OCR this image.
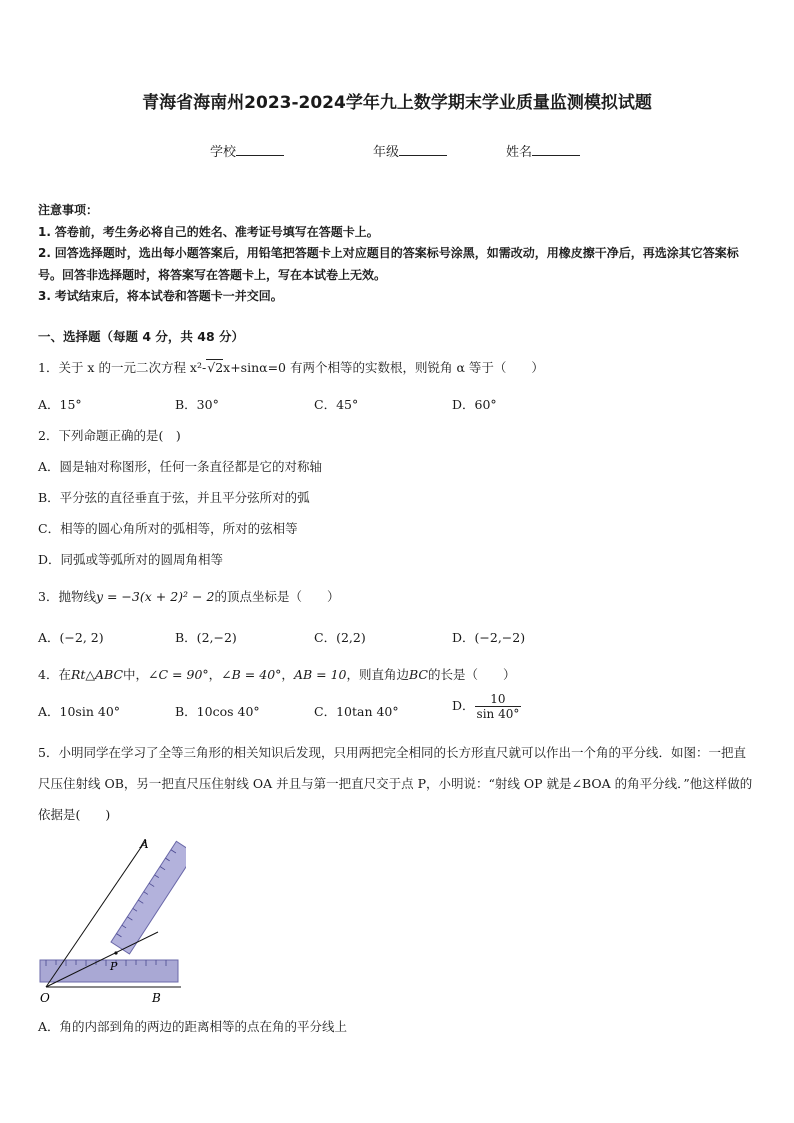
青海省海南州2023-2024学年九上数学期末学业质量监测模拟试题
学校	年级	姓名
注意事项：
1. 答卷前，考生务必将自己的姓名、准考证号填写在答题卡上。
2. 回答选择题时，选出每小题答案后，用铅笔把答题卡上对应题目的答案标号涂黑，如需改动，用橡皮擦干净后，再选涂其它答案标号。回答非选择题时，将答案写在答题卡上，写在本试卷上无效。
3. 考试结束后，将本试卷和答题卡一并交回。
一、选择题（每题 4 分，共 48 分）
1．关于 x 的一元二次方程 x²-√2x+sinα=0 有两个相等的实数根，则锐角 α 等于（　　）
A．15°	B．30°	C．45°	D．60°
2．下列命题正确的是(　)
A．圆是轴对称图形，任何一条直径都是它的对称轴
B．平分弦的直径垂直于弦，并且平分弦所对的弧
C．相等的圆心角所对的弧相等，所对的弦相等
D．同弧或等弧所对的圆周角相等
3．抛物线y = −3(x + 2)² − 2的顶点坐标是（　　）
A．(−2, 2)	B．(2,−2)	C．(2,2)	D．(−2,−2)
4．在Rt△ABC中，∠C = 90°，∠B = 40°，AB = 10，则直角边BC的长是（　　）
A．10sin 40°	B．10cos 40°	C．10tan 40°	D． $\frac{10}{\sin 40^\circ}$
5．小明同学在学习了全等三角形的相关知识后发现，只用两把完全相同的长方形直尺就可以作出一个角的平分线．如图：一把直尺压住射线 OB，另一把直尺压住射线 OA 并且与第一把直尺交于点 P，小明说：“射线 OP 就是∠BOA 的角平分线．”他这样做的依据是(　　)
O	B
A
P
A．角的内部到角的两边的距离相等的点在角的平分线上
